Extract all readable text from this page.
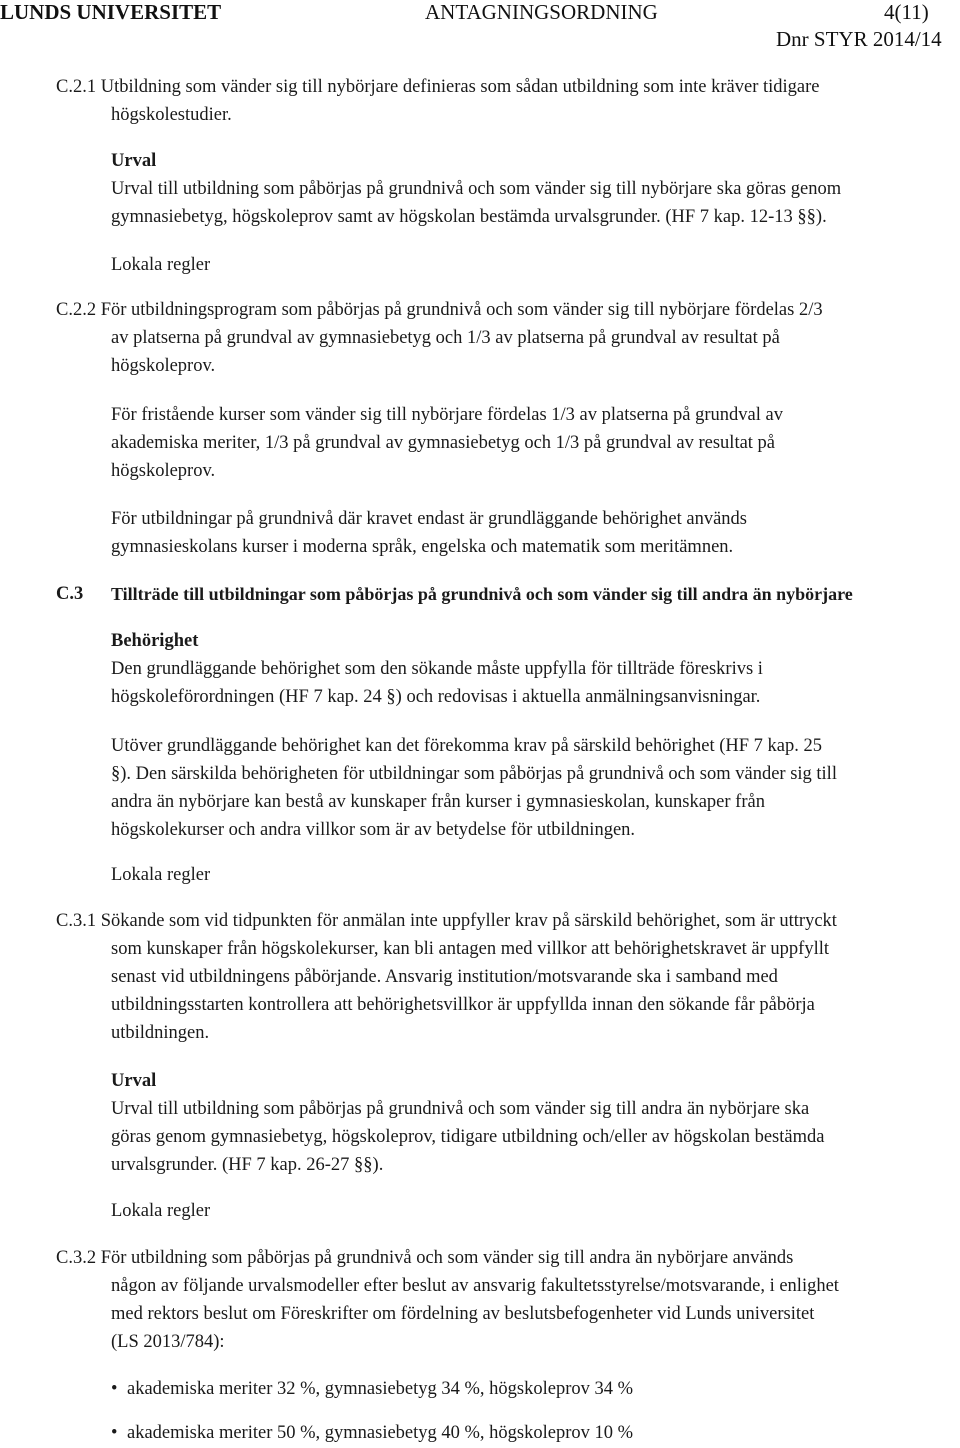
LUNDS UNIVERSITET	ANTAGNINGSORDNING	4(11)
Dnr STYR 2014/14
C.2.1 Utbildning som vänder sig till nybörjare definieras som sådan utbildning som inte kräver tidigare
högskolestudier.
Urval
Urval till utbildning som påbörjas på grundnivå och som vänder sig till nybörjare ska göras genom
gymnasiebetyg, högskoleprov samt av högskolan bestämda urvalsgrunder. (HF 7 kap. 12-13 §§).
Lokala regler
C.2.2 För utbildningsprogram som påbörjas på grundnivå och som vänder sig till nybörjare fördelas 2/3
av platserna på grundval av gymnasiebetyg och 1/3 av platserna på grundval av resultat på
högskoleprov.
För fristående kurser som vänder sig till nybörjare fördelas 1/3 av platserna på grundval av
akademiska meriter, 1/3 på grundval av gymnasiebetyg och 1/3 på grundval av resultat på
högskoleprov.
För utbildningar på grundnivå där kravet endast är grundläggande behörighet används
gymnasieskolans kurser i moderna språk, engelska och matematik som meritämnen.
C.3 Tillträde till utbildningar som påbörjas på grundnivå och som vänder sig till andra än nybörjare
Behörighet
Den grundläggande behörighet som den sökande måste uppfylla för tillträde föreskrivs i
högskoleförordningen (HF 7 kap. 24 §) och redovisas i aktuella anmälningsanvisningar.
Utöver grundläggande behörighet kan det förekomma krav på särskild behörighet (HF 7 kap. 25
§). Den särskilda behörigheten för utbildningar som påbörjas på grundnivå och som vänder sig till
andra än nybörjare kan bestå av kunskaper från kurser i gymnasieskolan, kunskaper från
högskolekurser och andra villkor som är av betydelse för utbildningen.
Lokala regler
C.3.1 Sökande som vid tidpunkten för anmälan inte uppfyller krav på särskild behörighet, som är uttryckt
som kunskaper från högskolekurser, kan bli antagen med villkor att behörighetskravet är uppfyllt
senast vid utbildningens påbörjande. Ansvarig institution/motsvarande ska i samband med
utbildningsstarten kontrollera att behörighetsvillkor är uppfyllda innan den sökande får påbörja
utbildningen.
Urval
Urval till utbildning som påbörjas på grundnivå och som vänder sig till andra än nybörjare ska
göras genom gymnasiebetyg, högskoleprov, tidigare utbildning och/eller av högskolan bestämda
urvalsgrunder. (HF 7 kap. 26-27 §§).
Lokala regler
C.3.2 För utbildning som påbörjas på grundnivå och som vänder sig till andra än nybörjare används
någon av följande urvalsmodeller efter beslut av ansvarig fakultetsstyrelse/motsvarande, i enlighet
med rektors beslut om Föreskrifter om fördelning av beslutsbefogenheter vid Lunds universitet
(LS 2013/784):
• akademiska meriter 32 %, gymnasiebetyg 34 %, högskoleprov 34 %
• akademiska meriter 50 %, gymnasiebetyg 40 %, högskoleprov 10 %
